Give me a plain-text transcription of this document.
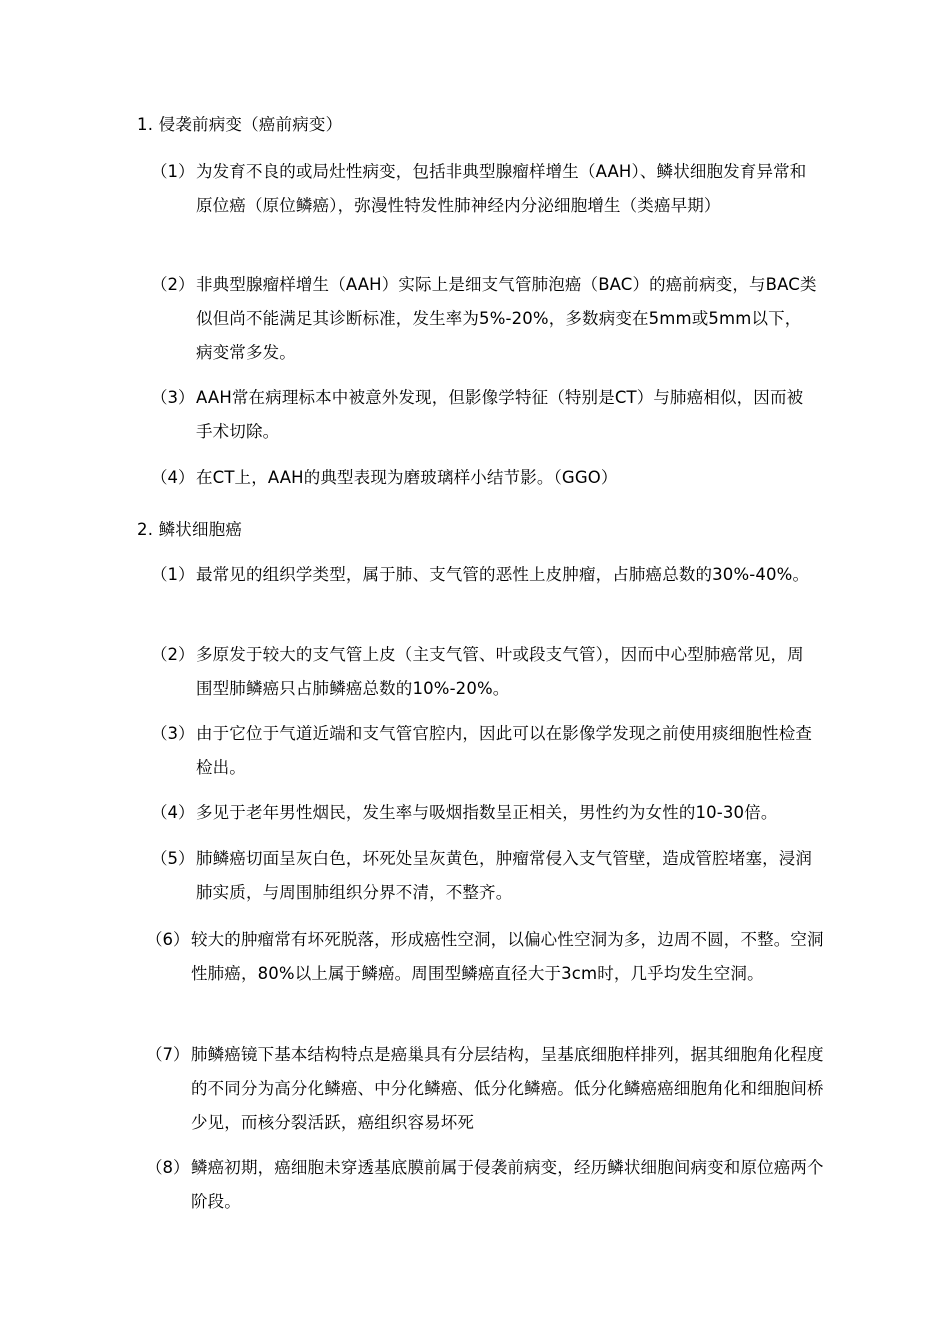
1. 侵袭前病变（癌前病变）
（1） 为发育不良的或局灶性病变，包括非典型腺瘤样增生（AAH）、鳞状细胞发育异常和原位癌（原位鳞癌），弥漫性特发性肺神经内分泌细胞增生（类癌早期）
（2） 非典型腺瘤样增生（AAH）实际上是细支气管肺泡癌（BAC）的癌前病变，与BAC类似但尚不能满足其诊断标准，发生率为5%-20%，多数病变在5mm或5mm以下，病变常多发。
（3） AAH常在病理标本中被意外发现，但影像学特征（特别是CT）与肺癌相似，因而被手术切除。
（4） 在CT上，AAH的典型表现为磨玻璃样小结节影。（GGO）
2. 鳞状细胞癌
（1） 最常见的组织学类型，属于肺、支气管的恶性上皮肿瘤，占肺癌总数的30%-40%。
（2） 多原发于较大的支气管上皮（主支气管、叶或段支气管），因而中心型肺癌常见，周围型肺鳞癌只占肺鳞癌总数的10%-20%。
（3） 由于它位于气道近端和支气管官腔内，因此可以在影像学发现之前使用痰细胞性检查检出。
（4） 多见于老年男性烟民，发生率与吸烟指数呈正相关，男性约为女性的10-30倍。
（5） 肺鳞癌切面呈灰白色，坏死处呈灰黄色，肿瘤常侵入支气管壁，造成管腔堵塞，浸润肺实质，与周围肺组织分界不清，不整齐。
（6） 较大的肿瘤常有坏死脱落，形成癌性空洞，以偏心性空洞为多，边周不圆，不整。空洞性肺癌，80%以上属于鳞癌。周围型鳞癌直径大于3cm时，几乎均发生空洞。
（7） 肺鳞癌镜下基本结构特点是癌巢具有分层结构，呈基底细胞样排列，据其细胞角化程度的不同分为高分化鳞癌、中分化鳞癌、低分化鳞癌。低分化鳞癌癌细胞角化和细胞间桥少见，而核分裂活跃，癌组织容易坏死
（8） 鳞癌初期，癌细胞未穿透基底膜前属于侵袭前病变，经历鳞状细胞间病变和原位癌两个阶段。
